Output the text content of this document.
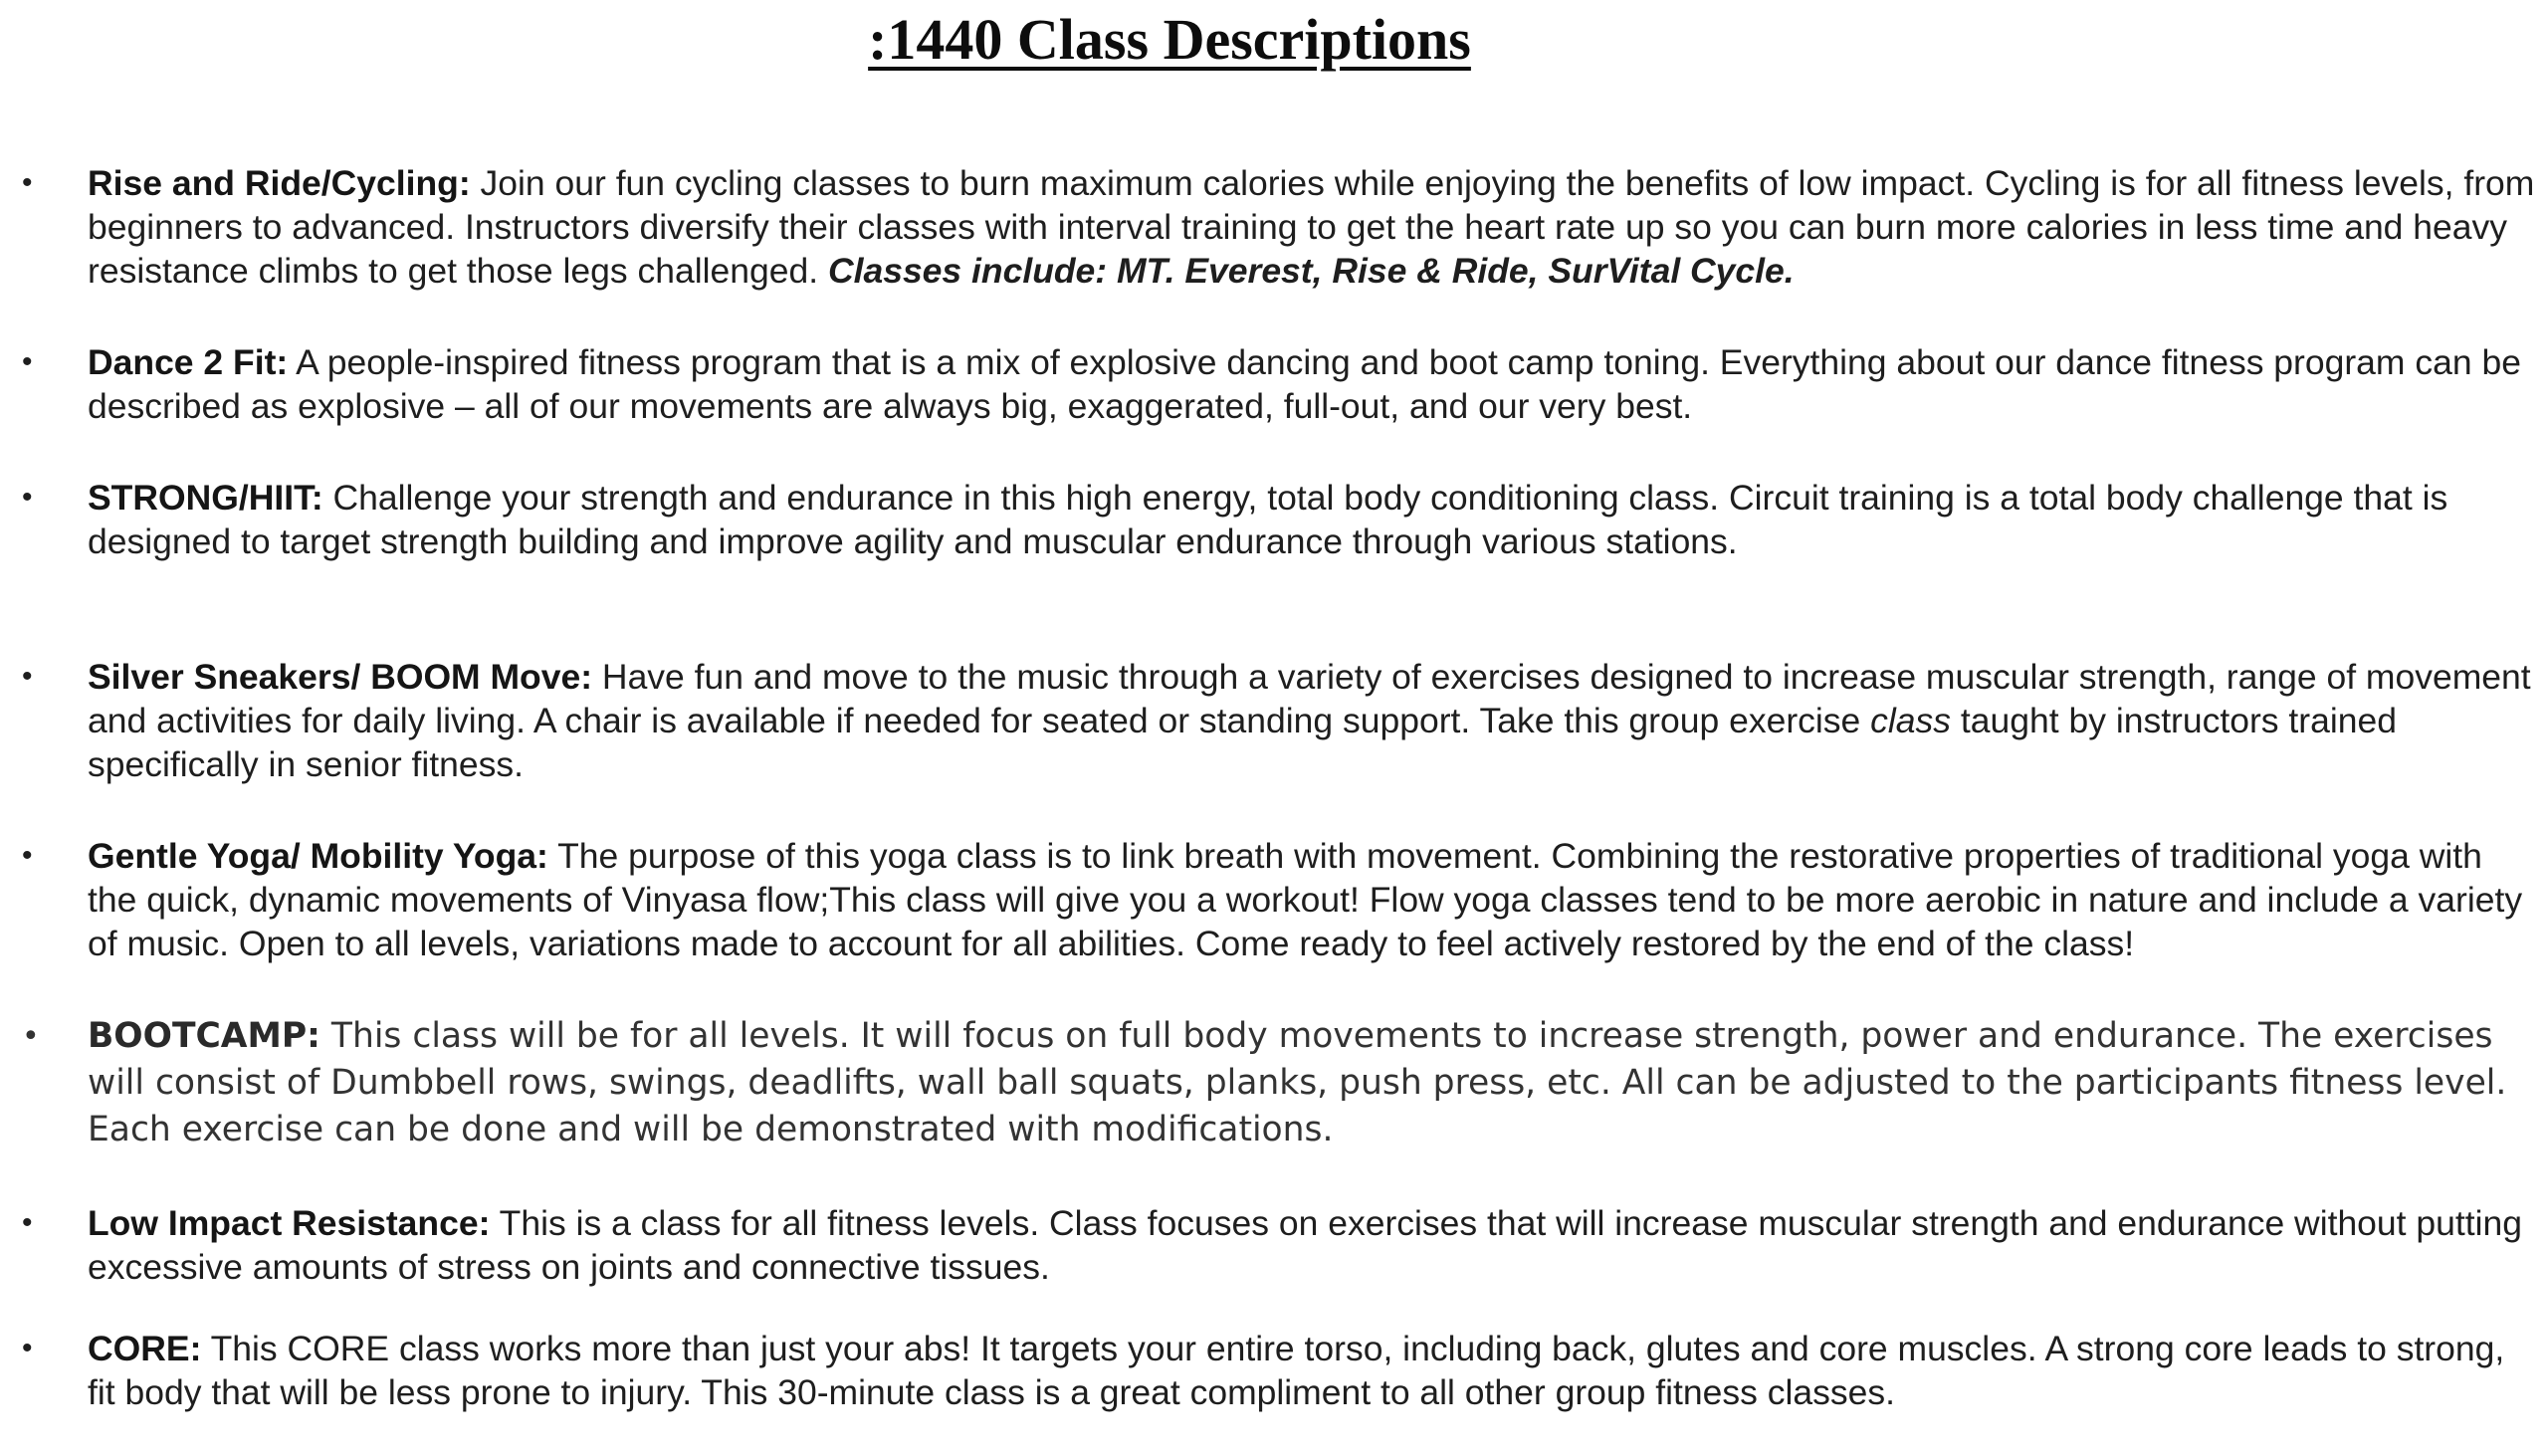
:1440 Class Descriptions
• Rise and Ride/Cycling: Join our fun cycling classes to burn maximum calories while enjoying the benefits of low impact. Cycling is for all fitness levels, from beginners to advanced. Instructors diversify their classes with interval training to get the heart rate up so you can burn more calories in less time and heavy resistance climbs to get those legs challenged. Classes include: MT. Everest, Rise & Ride, SurVital Cycle.
• Dance 2 Fit: A people-inspired fitness program that is a mix of explosive dancing and boot camp toning. Everything about our dance fitness program can be described as explosive – all of our movements are always big, exaggerated, full-out, and our very best.
• STRONG/HIIT: Challenge your strength and endurance in this high energy, total body conditioning class. Circuit training is a total body challenge that is designed to target strength building and improve agility and muscular endurance through various stations.
• Silver Sneakers/ BOOM Move: Have fun and move to the music through a variety of exercises designed to increase muscular strength, range of movement and activities for daily living. A chair is available if needed for seated or standing support. Take this group exercise class taught by instructors trained specifically in senior fitness.
• Gentle Yoga/ Mobility Yoga: The purpose of this yoga class is to link breath with movement. Combining the restorative properties of traditional yoga with the quick, dynamic movements of Vinyasa flow;This class will give you a workout! Flow yoga classes tend to be more aerobic in nature and include a variety of music. Open to all levels, variations made to account for all abilities. Come ready to feel actively restored by the end of the class!
• BOOTCAMP: This class will be for all levels. It will focus on full body movements to increase strength, power and endurance. The exercises will consist of Dumbbell rows, swings, deadlifts, wall ball squats, planks, push press, etc. All can be adjusted to the participants fitness level. Each exercise can be done and will be demonstrated with modifications.
• Low Impact Resistance: This is a class for all fitness levels. Class focuses on exercises that will increase muscular strength and endurance without putting excessive amounts of stress on joints and connective tissues.
• CORE: This CORE class works more than just your abs! It targets your entire torso, including back, glutes and core muscles. A strong core leads to strong, fit body that will be less prone to injury. This 30-minute class is a great compliment to all other group fitness classes.
